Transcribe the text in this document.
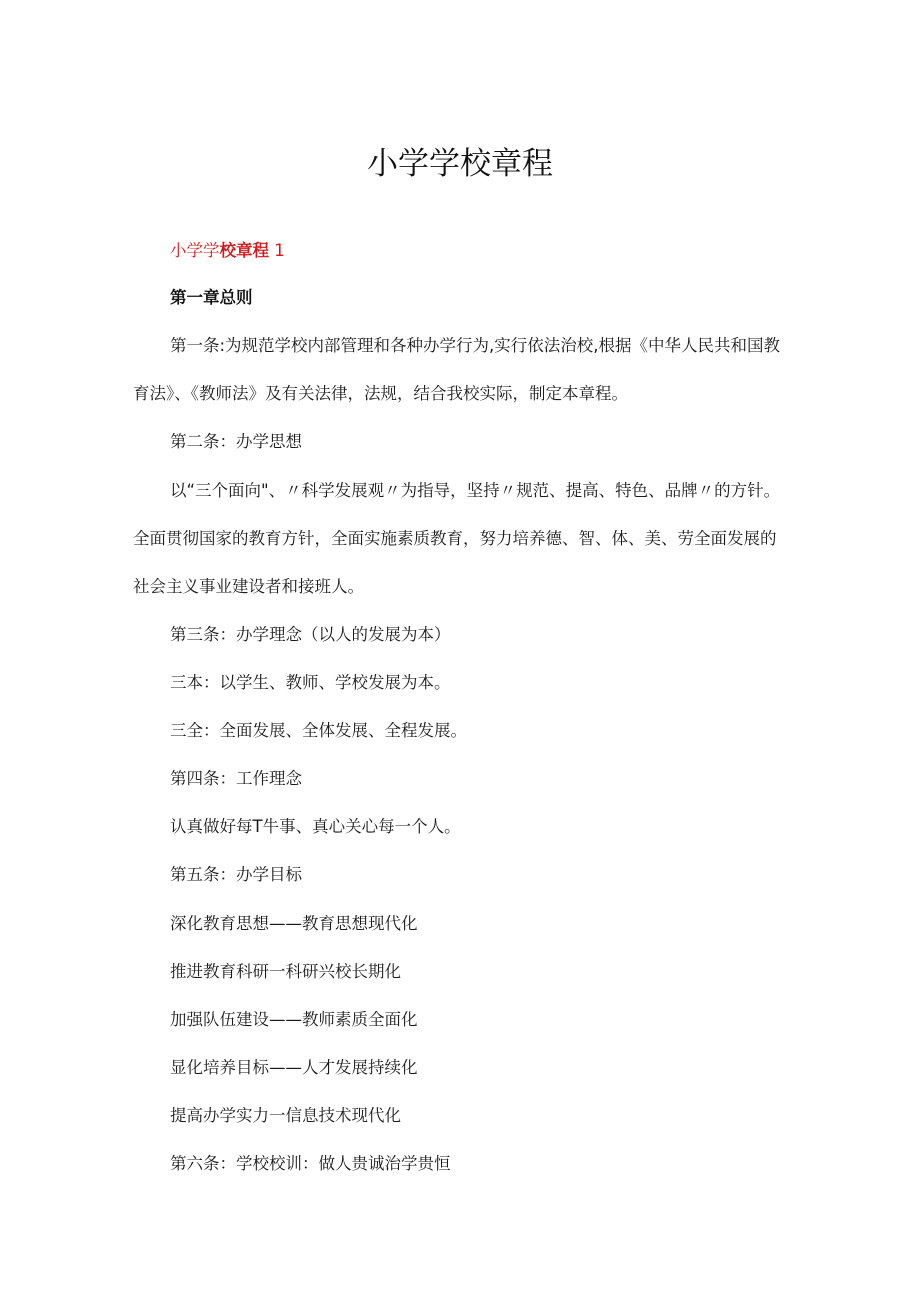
小学学校章程
小学学校章程 1
第一章总则
第一条:为规范学校内部管理和各种办学行为,实行依法治校,根据《中华人民共和国教
育法》、《教师法》及有关法律，法规，结合我校实际，制定本章程。
第二条：办学思想
以“三个面向"、〃科学发展观〃为指导，坚持〃规范、提高、特色、品牌〃的方针。
全面贯彻国家的教育方针，全面实施素质教育，努力培养德、智、体、美、劳全面发展的
社会主义事业建设者和接班人。
第三条：办学理念（以人的发展为本）
三本：以学生、教师、学校发展为本。
三全：全面发展、全体发展、全程发展。
第四条：工作理念
认真做好每T牛事、真心关心每一个人。
第五条：办学目标
深化教育思想——教育思想现代化
推进教育科研一科研兴校长期化
加强队伍建设——教师素质全面化
显化培养目标——人才发展持续化
提高办学实力一信息技术现代化
第六条：学校校训：做人贵诚治学贵恒
